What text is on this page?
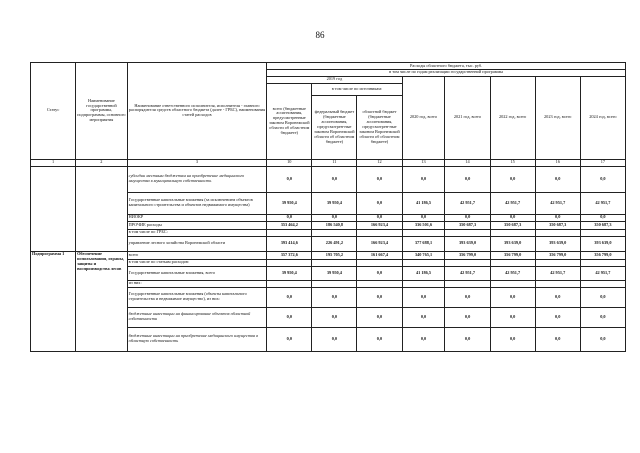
86
Статус	Наименование государственной программы, подпрограммы, основного мероприятия	Наименование ответственного исполнителя, исполнителя - главного распорядителя средств областного бюджета (далее - ГРБС), наименования статей расходов	Расходы областного бюджета, тыс. руб.							
			в том числе по годам реализации государственной программы							
			2019 год			2020 год, всего	2021 год, всего	2022 год, всего	2023 год, всего	2024 год, всего
			всего (бюджетные ассигнования, предусмотренные законом Воронежской области об областном бюджете)	в том числе по источникам:						
				федеральный бюджет (бюджетные ассигнования, предусмотрен-ные законом Воронежской области об областном бюджете)	областной бюджет (бюджетные ассигнования, предусмотрен-ные законом Воронежской области об областном бюджете)					
1	2	3	10	11	12	13	14	15	16	17
		субсидии местным бюджетам на приобретение медицинского имущества в муниципальную собственность	0,0	0,0	0,0	0,0	0,0	0,0	0,0	0,0
		Государственные капитальные вложения (за исключением объектов капитального строительства и объектов недвижимого имущества)	39 950,4	39 950,4	0,0	41 186,5	42 951,7	42 951,7	42 951,7	42 951,7
		НИОКР	0,0	0,0	0,0	0,0	0,0	0,0	0,0	0,0
		ПРОЧИЕ расходы	353 464,2	186 540,8	166 923,4	336 501,6	350 687,3	350 687,3	350 687,3	350 687,3
		в том числе по ГРБС:								
		управление лесного хозяйства Воронежской области	393 414,6	226 491,2	166 923,4	377 688,1	393 639,0	393 639,0	393 639,0	393 639,0
Подпрограмма 1	Обеспечение использования, охраны, защиты и воспроизводства лесов	всего	357 372,6	195 705,2	161 667,4	340 765,1	356 799,0	356 799,0	356 799,0	356 799,0
		в том числе по статьям расходов:								
		Государственные капитальные вложения, всего	39 950,4	39 950,4	0,0	41 186,5	42 951,7	42 951,7	42 951,7	42 951,7
		из них:								
		Государственные капитальные вложения (объекты капитального строительства и недвижимое имущество), из них:	0,0	0,0	0,0	0,0	0,0	0,0	0,0	0,0
		бюджетные инвестиции на финансирование объектов областной собственности	0,0	0,0	0,0	0,0	0,0	0,0	0,0	0,0
		бюджетные инвестиции на приобретение медицинского имущества в областную собственность	0,0	0,0	0,0	0,0	0,0	0,0	0,0	0,0
